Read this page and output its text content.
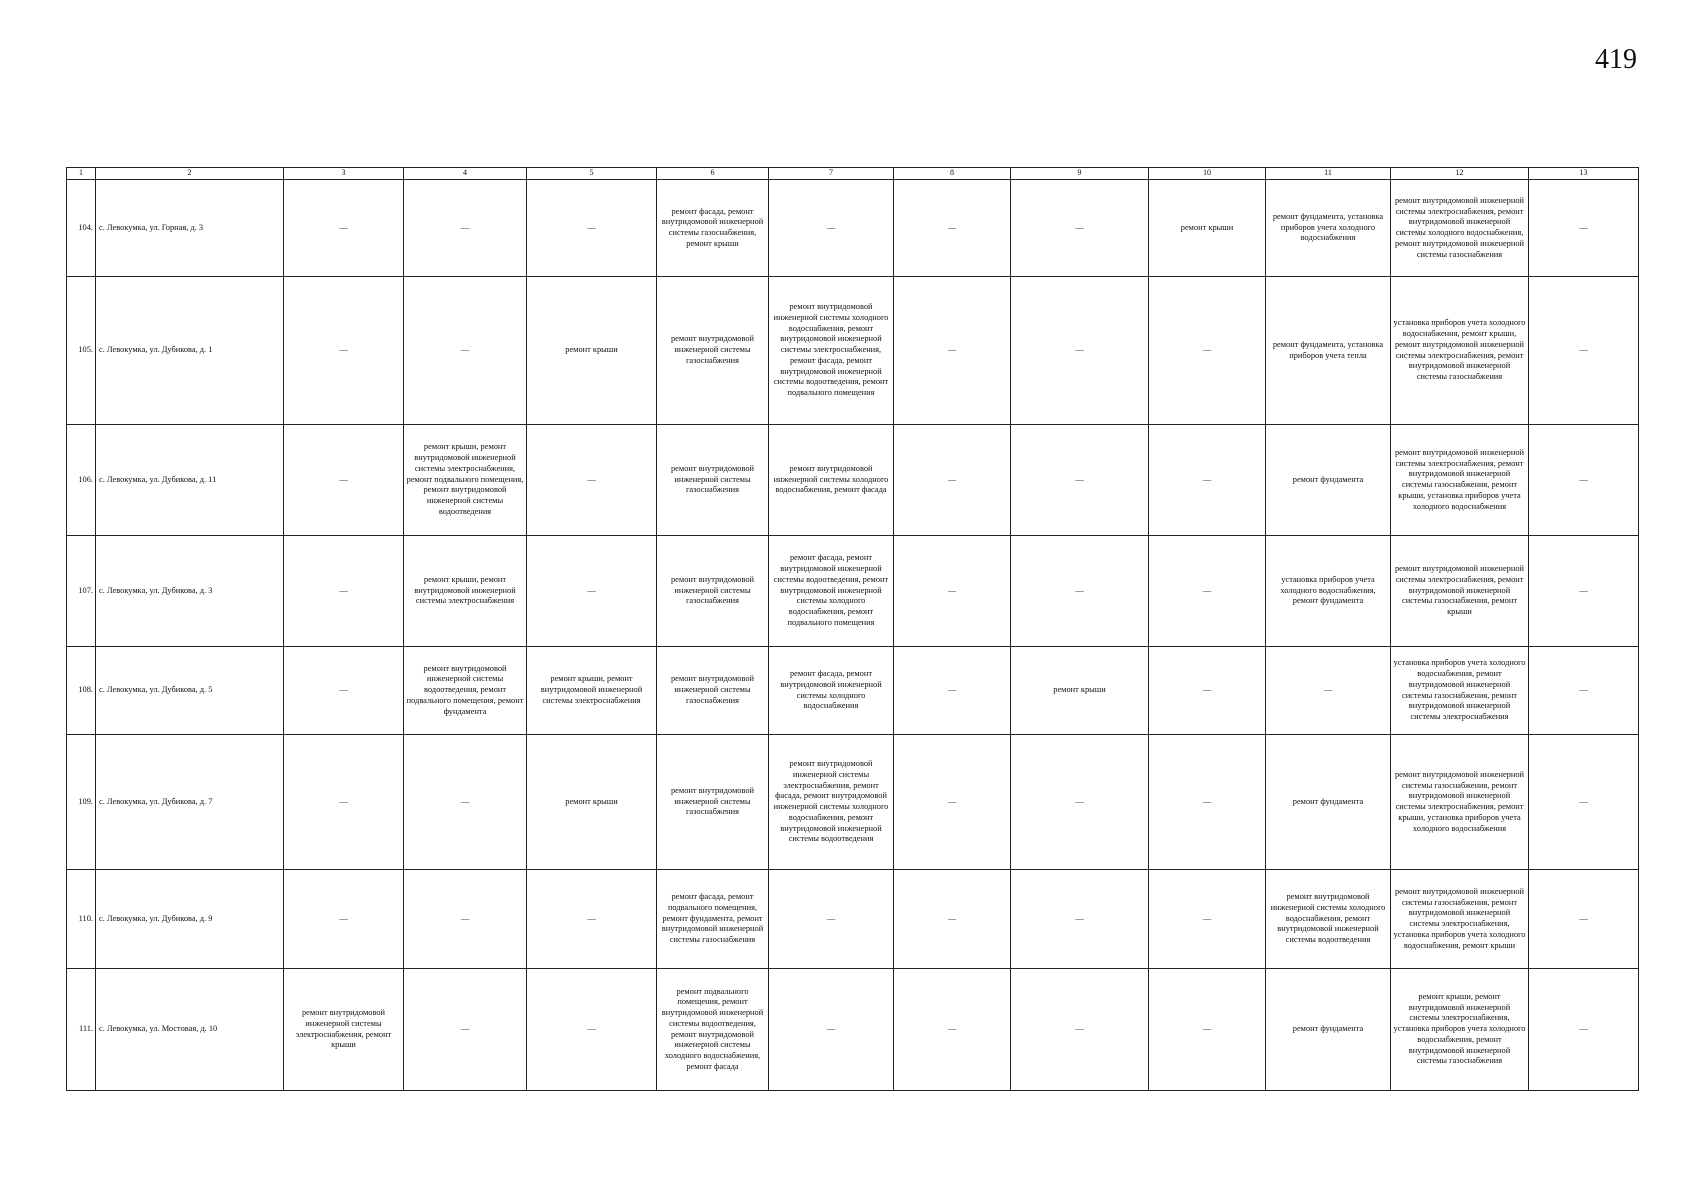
419
1	2	3	4	5	6	7	8	9	10	11	12	13
104.	с. Левокумка, ул. Горная, д. 3	—	—	—	ремонт фасада, ремонт внутридомовой инженерной системы газоснабжения, ремонт крыши	—	—	—	ремонт крыши	ремонт фундамента, установка приборов учета холодного водоснабжения	ремонт внутридомовой инженерной системы электроснабжения, ремонт внутридомовой инженерной системы холодного водоснабжения, ремонт внутридомовой инженерной системы газоснабжения	—
105.	с. Левокумка, ул. Дубикова, д. 1	—	—	ремонт крыши	ремонт внутридомовой инженерной системы газоснабжения	ремонт внутридомовой инженерной системы холодного водоснабжения, ремонт внутридомовой инженерной системы электроснабжения, ремонт фасада, ремонт внутридомовой инженерной системы водоотведения, ремонт подвального помещения	—	—	—	ремонт фундамента, установка приборов учета тепла	установка приборов учета холодного водоснабжения, ремонт крыши, ремонт внутридомовой инженерной системы электроснабжения, ремонт внутридомовой инженерной системы газоснабжения	—
106.	с. Левокумка, ул. Дубикова, д. 11	—	ремонт крыши, ремонт внутридомовой инженерной системы электроснабжения, ремонт подвального помещения, ремонт внутридомовой инженерной системы водоотведения	—	ремонт внутридомовой инженерной системы газоснабжения	ремонт внутридомовой инженерной системы холодного водоснабжения, ремонт фасада	—	—	—	ремонт фундамента	ремонт внутридомовой инженерной системы электроснабжения, ремонт внутридомовой инженерной системы газоснабжения, ремонт крыши, установка приборов учета холодного водоснабжения	—
107.	с. Левокумка, ул. Дубикова, д. 3	—	ремонт крыши, ремонт внутридомовой инженерной системы электроснабжения	—	ремонт внутридомовой инженерной системы газоснабжения	ремонт фасада, ремонт внутридомовой инженерной системы водоотведения, ремонт внутридомовой инженерной системы холодного водоснабжения, ремонт подвального помещения	—	—	—	установка приборов учета холодного водоснабжения, ремонт фундамента	ремонт внутридомовой инженерной системы электроснабжения, ремонт внутридомовой инженерной системы газоснабжения, ремонт крыши	—
108.	с. Левокумка, ул. Дубикова, д. 5	—	ремонт внутридомовой инженерной системы водоотведения, ремонт подвального помещения, ремонт фундамента	ремонт крыши, ремонт внутридомовой инженерной системы электроснабжения	ремонт внутридомовой инженерной системы газоснабжения	ремонт фасада, ремонт внутридомовой инженерной системы холодного водоснабжения	—	ремонт крыши	—	—	установка приборов учета холодного водоснабжения, ремонт внутридомовой инженерной системы газоснабжения, ремонт внутридомовой инженерной системы электроснабжения	—
109.	с. Левокумка, ул. Дубикова, д. 7	—	—	ремонт крыши	ремонт внутридомовой инженерной системы газоснабжения	ремонт внутридомовой инженерной системы электроснабжения, ремонт фасада, ремонт внутридомовой инженерной системы холодного водоснабжения, ремонт внутридомовой инженерной системы водоотведения	—	—	—	ремонт фундамента	ремонт внутридомовой инженерной системы газоснабжения, ремонт внутридомовой инженерной системы электроснабжения, ремонт крыши, установка приборов учета холодного водоснабжения	—
110.	с. Левокумка, ул. Дубикова, д. 9	—	—	—	ремонт фасада, ремонт подвального помещения, ремонт фундамента, ремонт внутридомовой инженерной системы газоснабжения	—	—	—	—	ремонт внутридомовой инженерной системы холодного водоснабжения, ремонт внутридомовой инженерной системы водоотведения	ремонт внутридомовой инженерной системы газоснабжения, ремонт внутридомовой инженерной системы электроснабжения, установка приборов учета холодного водоснабжения, ремонт крыши	—
111.	с. Левокумка, ул. Мостовая, д. 10	ремонт внутридомовой инженерной системы электроснабжения, ремонт крыши	—	—	ремонт подвального помещения, ремонт внутридомовой инженерной системы водоотведения, ремонт внутридомовой инженерной системы холодного водоснабжения, ремонт фасада	—	—	—	—	ремонт фундамента	ремонт крыши, ремонт внутридомовой инженерной системы электроснабжения, установка приборов учета холодного водоснабжения, ремонт внутридомовой инженерной системы газоснабжения	—
